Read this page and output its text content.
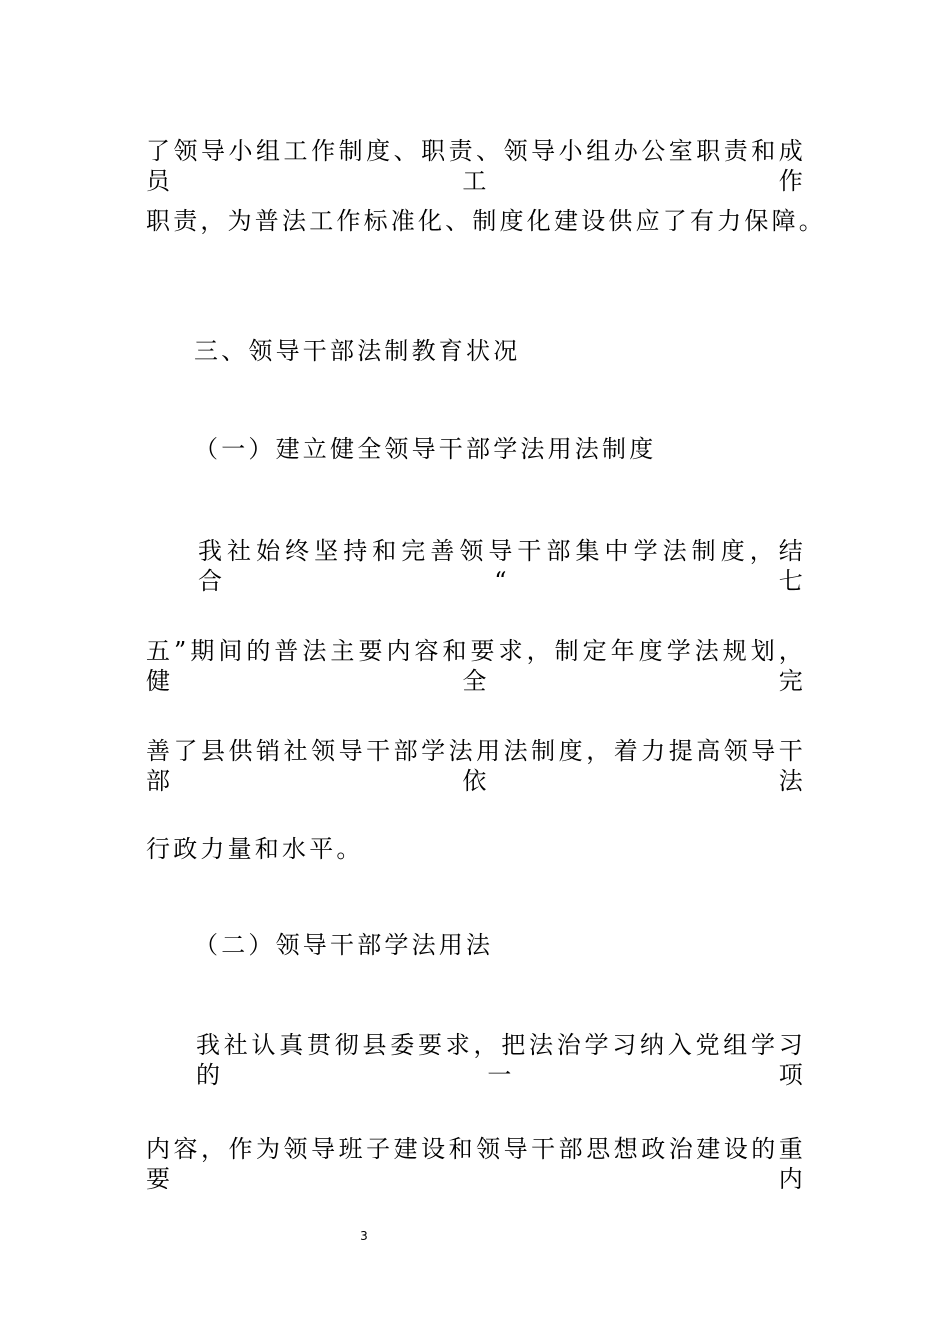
了领导小组工作制度、职责、领导小组办公室职责和成员工作
职责，为普法工作标准化、制度化建设供应了有力保障。
三、领导干部法制教育状况
（一）建立健全领导干部学法用法制度
我社始终坚持和完善领导干部集中学法制度，结合“七
五”期间的普法主要内容和要求，制定年度学法规划，健全完
善了县供销社领导干部学法用法制度，着力提高领导干部依法
行政力量和水平。
（二）领导干部学法用法
我社认真贯彻县委要求，把法治学习纳入党组学习的一项
内容，作为领导班子建设和领导干部思想政治建设的重要内
3
